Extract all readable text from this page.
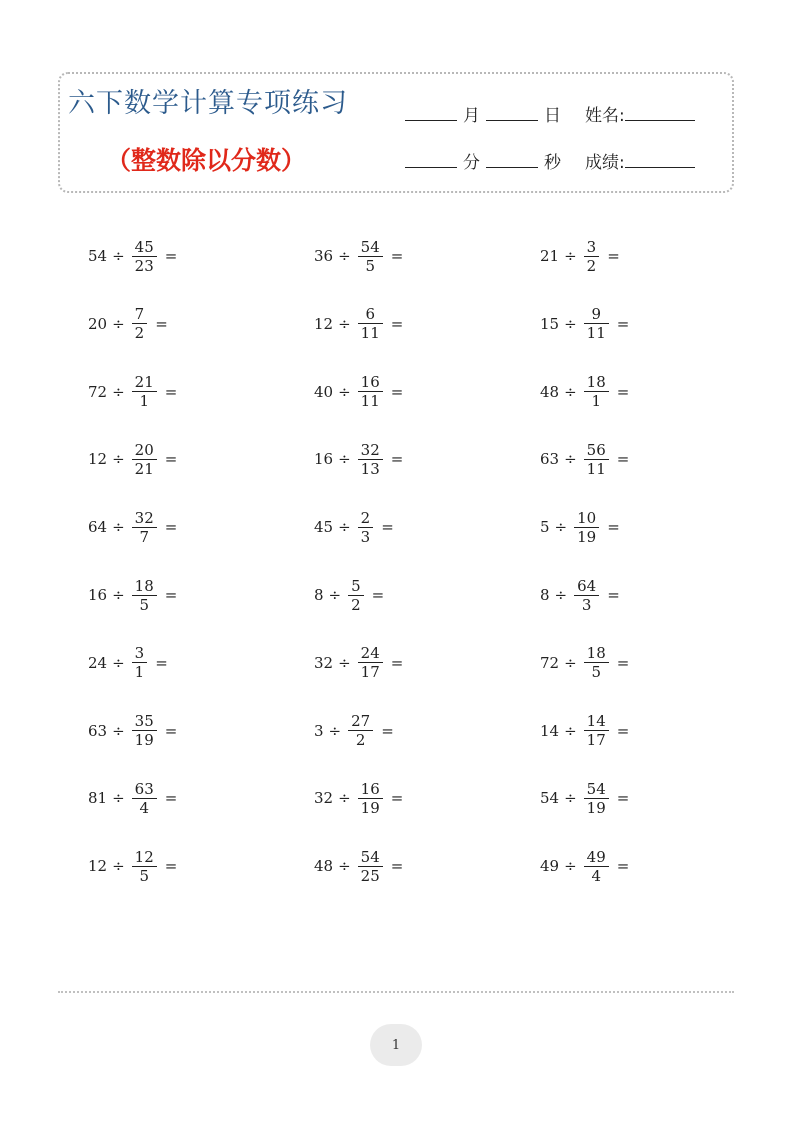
六下数学计算专项练习
（整数除以分数）
月	日 姓名:
分	秒 成绩:
$54 \div \frac{45}{23}$ =	$36 \div \frac{54}{5}$ =	$21 \div \frac{3}{2}$ =
$20 \div \frac{7}{2}$ =	$12 \div \frac{6}{11}$ =	$15 \div \frac{9}{11}$ =
$72 \div \frac{21}{1}$ =	$40 \div \frac{16}{11}$ =	$48 \div \frac{18}{1}$ =
$12 \div \frac{20}{21}$ =	$16 \div \frac{32}{13}$ =	$63 \div \frac{56}{11}$ =
$64 \div \frac{32}{7}$ =	$45 \div \frac{2}{3}$ =	$5 \div \frac{10}{19}$ =
$16 \div \frac{18}{5}$ =	$8 \div \frac{5}{2}$ =	$8 \div \frac{64}{3}$ =
$24 \div \frac{3}{1}$ =	$32 \div \frac{24}{17}$ =	$72 \div \frac{18}{5}$ =
$63 \div \frac{35}{19}$ =	$3 \div \frac{27}{2}$ =	$14 \div \frac{14}{17}$ =
$81 \div \frac{63}{4}$ =	$32 \div \frac{16}{19}$ =	$54 \div \frac{54}{19}$ =
$12 \div \frac{12}{5}$ =	$48 \div \frac{54}{25}$ =	$49 \div \frac{49}{4}$ =
1
